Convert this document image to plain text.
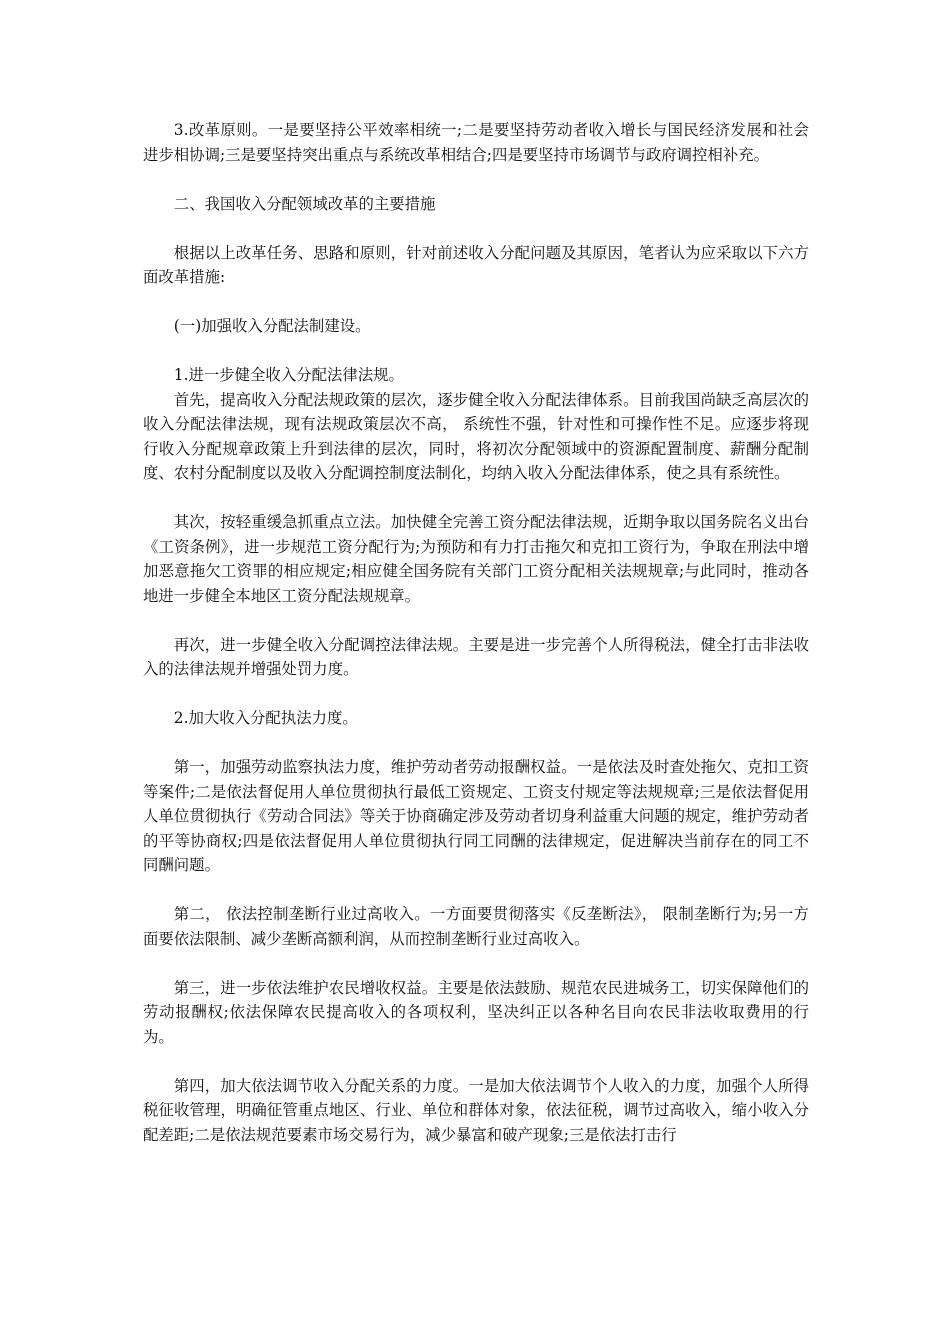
3.改革原则。一是要坚持公平效率相统一;二是要坚持劳动者收入增长与国民经济发展和社会进步相协调;三是要坚持突出重点与系统改革相结合;四是要坚持市场调节与政府调控相补充。

二、我国收入分配领域改革的主要措施

根据以上改革任务、思路和原则，针对前述收入分配问题及其原因，笔者认为应采取以下六方面改革措施:

(一)加强收入分配法制建设。

1.进一步健全收入分配法律法规。

首先，提高收入分配法规政策的层次，逐步健全收入分配法律体系。目前我国尚缺乏高层次的收入分配法律法规，现有法规政策层次不高， 系统性不强，针对性和可操作性不足。应逐步将现行收入分配规章政策上升到法律的层次，同时，将初次分配领域中的资源配置制度、薪酬分配制度、农村分配制度以及收入分配调控制度法制化，均纳入收入分配法律体系，使之具有系统性。

其次，按轻重缓急抓重点立法。加快健全完善工资分配法律法规，近期争取以国务院名义出台《工资条例》，进一步规范工资分配行为;为预防和有力打击拖欠和克扣工资行为，争取在刑法中增加恶意拖欠工资罪的相应规定;相应健全国务院有关部门工资分配相关法规规章;与此同时，推动各地进一步健全本地区工资分配法规规章。

再次，进一步健全收入分配调控法律法规。主要是进一步完善个人所得税法，健全打击非法收入的法律法规并增强处罚力度。

2.加大收入分配执法力度。

第一，加强劳动监察执法力度，维护劳动者劳动报酬权益。一是依法及时查处拖欠、克扣工资等案件;二是依法督促用人单位贯彻执行最低工资规定、工资支付规定等法规规章;三是依法督促用人单位贯彻执行《劳动合同法》等关于协商确定涉及劳动者切身利益重大问题的规定，维护劳动者的平等协商权;四是依法督促用人单位贯彻执行同工同酬的法律规定，促进解决当前存在的同工不同酬问题。

第二， 依法控制垄断行业过高收入。一方面要贯彻落实《反垄断法》， 限制垄断行为;另一方面要依法限制、减少垄断高额利润，从而控制垄断行业过高收入。

第三，进一步依法维护农民增收权益。主要是依法鼓励、规范农民进城务工，切实保障他们的劳动报酬权;依法保障农民提高收入的各项权利，坚决纠正以各种名目向农民非法收取费用的行为。

第四，加大依法调节收入分配关系的力度。一是加大依法调节个人收入的力度，加强个人所得税征收管理，明确征管重点地区、行业、单位和群体对象，依法征税，调节过高收入，缩小收入分配差距;二是依法规范要素市场交易行为，减少暴富和破产现象;三是依法打击行
